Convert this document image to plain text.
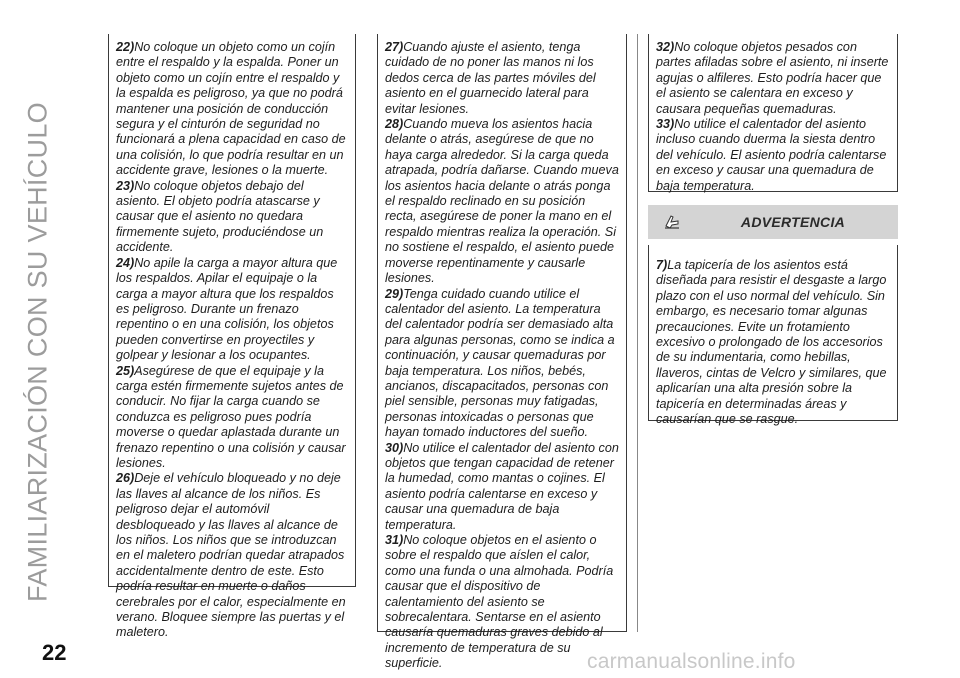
FAMILIARIZACIÓN CON SU VEHÍCULO
22)No coloque un objeto como un cojín entre el respaldo y la espalda. Poner un objeto como un cojín entre el respaldo y la espalda es peligroso, ya que no podrá mantener una posición de conducción segura y el cinturón de seguridad no funcionará a plena capacidad en caso de una colisión, lo que podría resultar en un accidente grave, lesiones o la muerte.
23)No coloque objetos debajo del asiento. El objeto podría atascarse y causar que el asiento no quedara firmemente sujeto, produciéndose un accidente.
24)No apile la carga a mayor altura que los respaldos. Apilar el equipaje o la carga a mayor altura que los respaldos es peligroso. Durante un frenazo repentino o en una colisión, los objetos pueden convertirse en proyectiles y golpear y lesionar a los ocupantes.
25)Asegúrese de que el equipaje y la carga estén firmemente sujetos antes de conducir. No fijar la carga cuando se conduzca es peligroso pues podría moverse o quedar aplastada durante un frenazo repentino o una colisión y causar lesiones.
26)Deje el vehículo bloqueado y no deje las llaves al alcance de los niños. Es peligroso dejar el automóvil desbloqueado y las llaves al alcance de los niños. Los niños que se introduzcan en el maletero podrían quedar atrapados accidentalmente dentro de este. Esto podría resultar en muerte o daños cerebrales por el calor, especialmente en verano. Bloquee siempre las puertas y el maletero.
27)Cuando ajuste el asiento, tenga cuidado de no poner las manos ni los dedos cerca de las partes móviles del asiento en el guarnecido lateral para evitar lesiones.
28)Cuando mueva los asientos hacia delante o atrás, asegúrese de que no haya carga alrededor. Si la carga queda atrapada, podría dañarse. Cuando mueva los asientos hacia delante o atrás ponga el respaldo reclinado en su posición recta, asegúrese de poner la mano en el respaldo mientras realiza la operación. Si no sostiene el respaldo, el asiento puede moverse repentinamente y causarle lesiones.
29)Tenga cuidado cuando utilice el calentador del asiento. La temperatura del calentador podría ser demasiado alta para algunas personas, como se indica a continuación, y causar quemaduras por baja temperatura. Los niños, bebés, ancianos, discapacitados, personas con piel sensible, personas muy fatigadas, personas intoxicadas o personas que hayan tomado inductores del sueño.
30)No utilice el calentador del asiento con objetos que tengan capacidad de retener la humedad, como mantas o cojines. El asiento podría calentarse en exceso y causar una quemadura de baja temperatura.
31)No coloque objetos en el asiento o sobre el respaldo que aíslen el calor, como una funda o una almohada. Podría causar que el dispositivo de calentamiento del asiento se sobrecalentara. Sentarse en el asiento causaría quemaduras graves debido al incremento de temperatura de su superficie.
32)No coloque objetos pesados con partes afiladas sobre el asiento, ni inserte agujas o alfileres. Esto podría hacer que el asiento se calentara en exceso y causara pequeñas quemaduras.
33)No utilice el calentador del asiento incluso cuando duerma la siesta dentro del vehículo. El asiento podría calentarse en exceso y causar una quemadura de baja temperatura.
ADVERTENCIA
7)La tapicería de los asientos está diseñada para resistir el desgaste a largo plazo con el uso normal del vehículo. Sin embargo, es necesario tomar algunas precauciones. Evite un frotamiento excesivo o prolongado de los accesorios de su indumentaria, como hebillas, llaveros, cintas de Velcro y similares, que aplicarían una alta presión sobre la tapicería en determinadas áreas y causarían que se rasgue.
22	carmanualsonline.info
